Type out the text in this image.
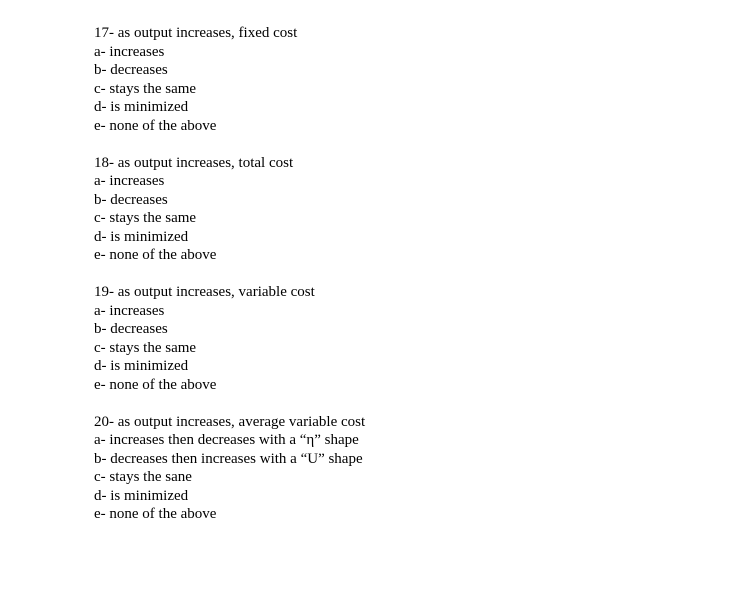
17- as output increases, fixed cost

a- increases

b- decreases

c- stays the same

d- is minimized

e- none of the above

18- as output increases, total cost

a- increases

b- decreases

c- stays the same

d- is minimized

e- none of the above

19- as output increases, variable cost

a- increases

b- decreases

c- stays the same

d- is minimized

e- none of the above

20- as output increases, average variable cost

a- increases then decreases with a “η” shape

b- decreases then increases with a “U” shape

c- stays the sane

d- is minimized

e- none of the above
